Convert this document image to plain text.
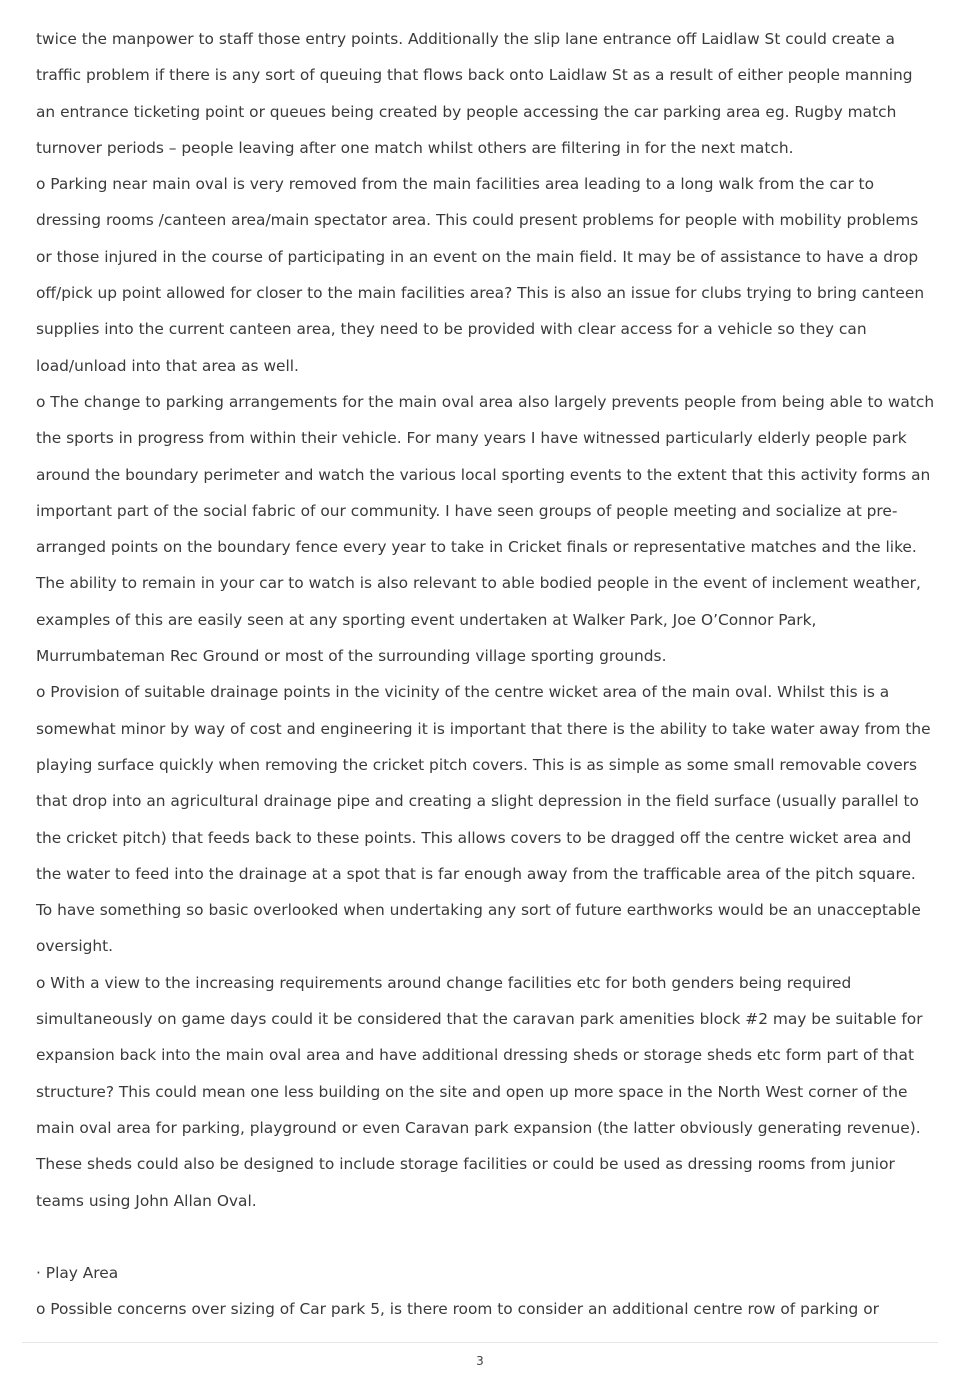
twice the manpower to staff those entry points. Additionally the slip lane entrance off Laidlaw St could create a
traffic problem if there is any sort of queuing that flows back onto Laidlaw St as a result of either people manning
an entrance ticketing point or queues being created by people accessing the car parking area eg. Rugby match
turnover periods – people leaving after one match whilst others are filtering in for the next match.
o Parking near main oval is very removed from the main facilities area leading to a long walk from the car to
dressing rooms /canteen area/main spectator area. This could present problems for people with mobility problems
or those injured in the course of participating in an event on the main field. It may be of assistance to have a drop
off/pick up point allowed for closer to the main facilities area? This is also an issue for clubs trying to bring canteen
supplies into the current canteen area, they need to be provided with clear access for a vehicle so they can
load/unload into that area as well.
o The change to parking arrangements for the main oval area also largely prevents people from being able to watch
the sports in progress from within their vehicle. For many years I have witnessed particularly elderly people park
around the boundary perimeter and watch the various local sporting events to the extent that this activity forms an
important part of the social fabric of our community. I have seen groups of people meeting and socialize at pre-
arranged points on the boundary fence every year to take in Cricket finals or representative matches and the like.
The ability to remain in your car to watch is also relevant to able bodied people in the event of inclement weather,
examples of this are easily seen at any sporting event undertaken at Walker Park, Joe O’Connor Park,
Murrumbateman Rec Ground or most of the surrounding village sporting grounds.
o Provision of suitable drainage points in the vicinity of the centre wicket area of the main oval. Whilst this is a
somewhat minor by way of cost and engineering it is important that there is the ability to take water away from the
playing surface quickly when removing the cricket pitch covers. This is as simple as some small removable covers
that drop into an agricultural drainage pipe and creating a slight depression in the field surface (usually parallel to
the cricket pitch) that feeds back to these points. This allows covers to be dragged off the centre wicket area and
the water to feed into the drainage at a spot that is far enough away from the trafficable area of the pitch square.
To have something so basic overlooked when undertaking any sort of future earthworks would be an unacceptable
oversight.
o With a view to the increasing requirements around change facilities etc for both genders being required
simultaneously on game days could it be considered that the caravan park amenities block #2 may be suitable for
expansion back into the main oval area and have additional dressing sheds or storage sheds etc form part of that
structure? This could mean one less building on the site and open up more space in the North West corner of the
main oval area for parking, playground or even Caravan park expansion (the latter obviously generating revenue).
These sheds could also be designed to include storage facilities or could be used as dressing rooms from junior
teams using John Allan Oval.
· Play Area
o Possible concerns over sizing of Car park 5, is there room to consider an additional centre row of parking or
3
